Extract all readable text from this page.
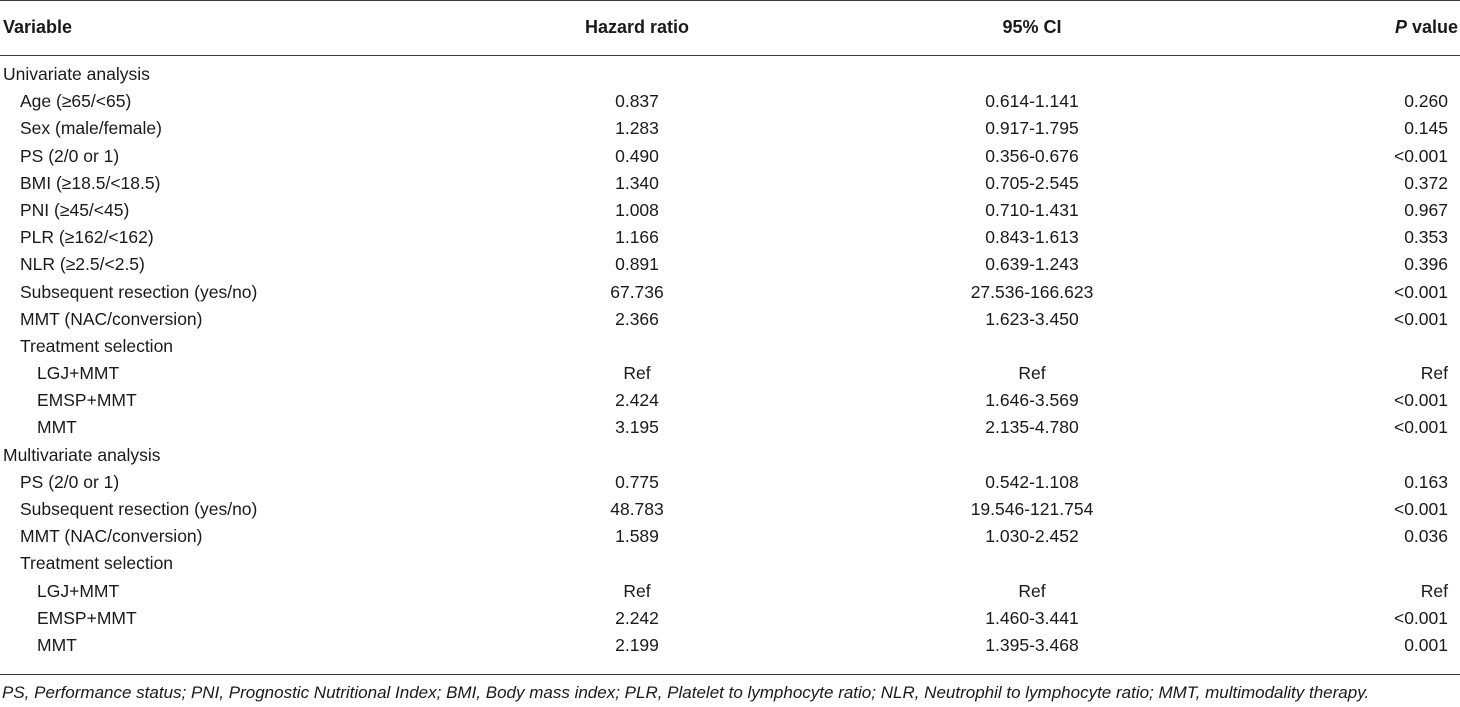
Variable	Hazard ratio	95% CI	P value
Univariate analysis
Age (≥65/<65)	0.837	0.614-1.141	0.260
Sex (male/female)	1.283	0.917-1.795	0.145
PS (2/0 or 1)	0.490	0.356-0.676	<0.001
BMI (≥18.5/<18.5)	1.340	0.705-2.545	0.372
PNI (≥45/<45)	1.008	0.710-1.431	0.967
PLR (≥162/<162)	1.166	0.843-1.613	0.353
NLR (≥2.5/<2.5)	0.891	0.639-1.243	0.396
Subsequent resection (yes/no)	67.736	27.536-166.623	<0.001
MMT (NAC/conversion)	2.366	1.623-3.450	<0.001
Treatment selection
LGJ+MMT	Ref	Ref	Ref
EMSP+MMT	2.424	1.646-3.569	<0.001
MMT	3.195	2.135-4.780	<0.001
Multivariate analysis
PS (2/0 or 1)	0.775	0.542-1.108	0.163
Subsequent resection (yes/no)	48.783	19.546-121.754	<0.001
MMT (NAC/conversion)	1.589	1.030-2.452	0.036
Treatment selection
LGJ+MMT	Ref	Ref	Ref
EMSP+MMT	2.242	1.460-3.441	<0.001
MMT	2.199	1.395-3.468	0.001
PS, Performance status; PNI, Prognostic Nutritional Index; BMI, Body mass index; PLR, Platelet to lymphocyte ratio; NLR, Neutrophil to lymphocyte ratio; MMT, multimodality therapy.
